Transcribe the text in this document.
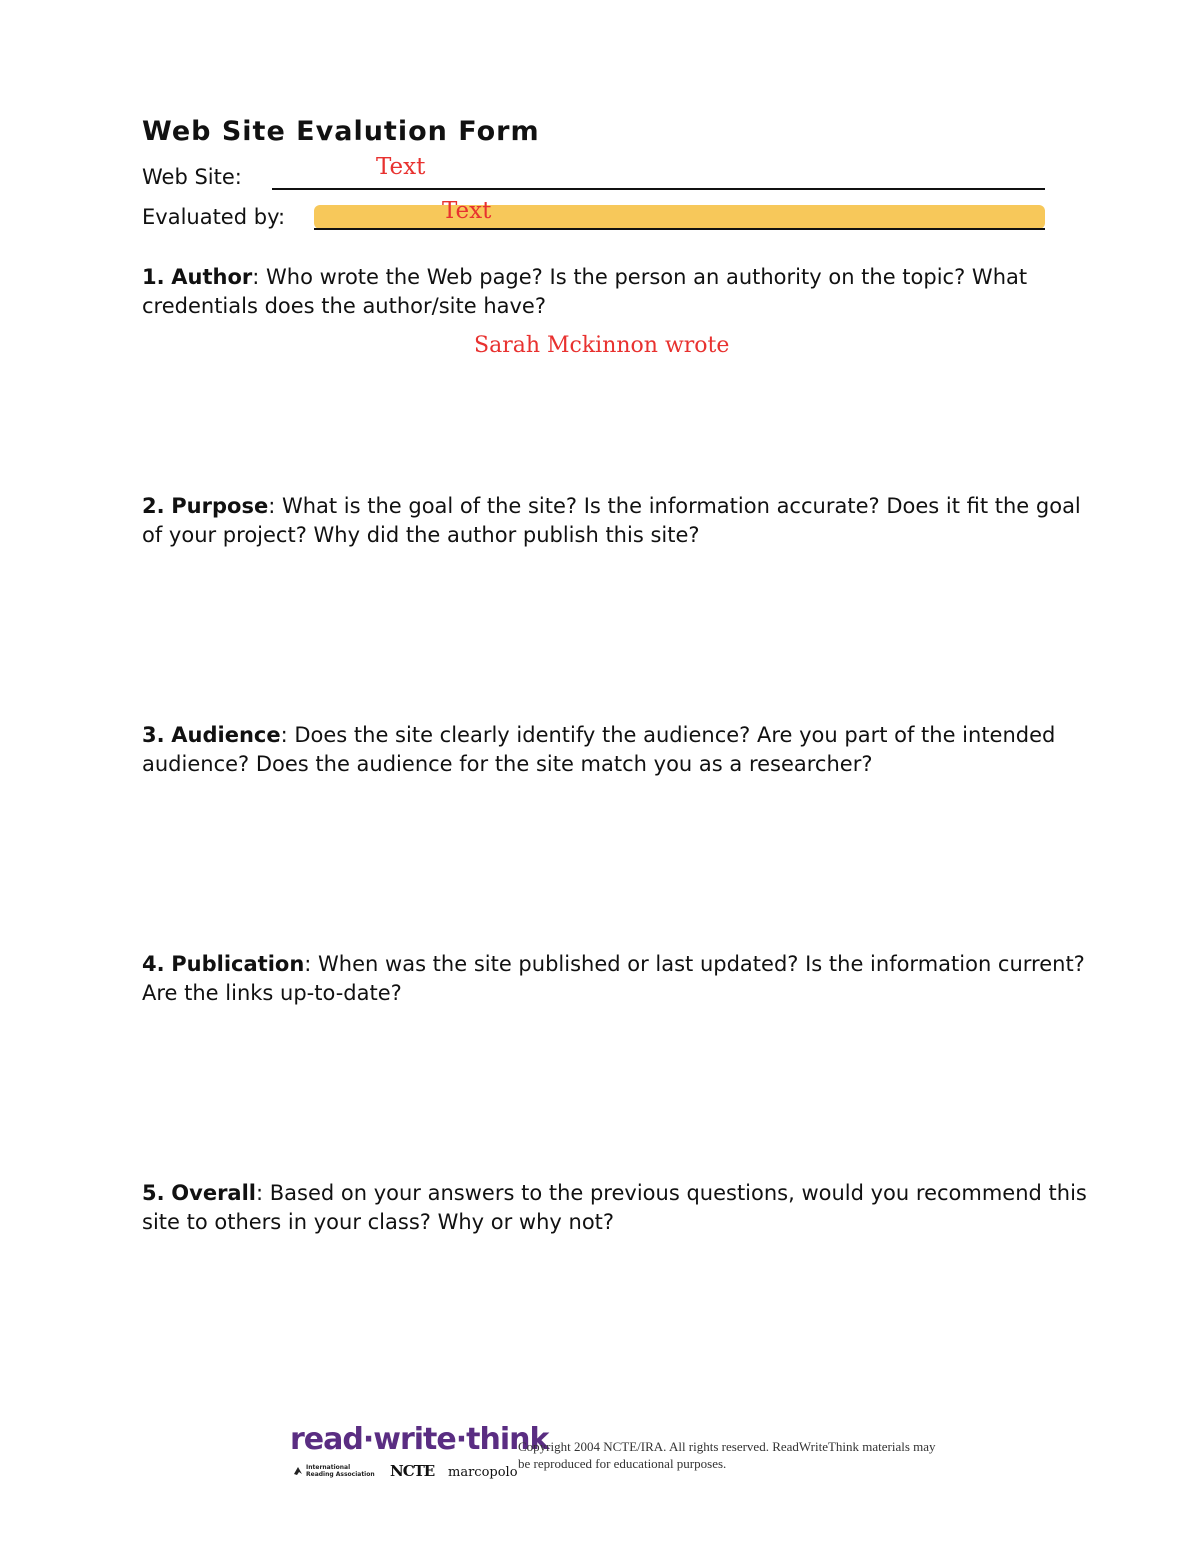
Web Site Evalution Form
Web Site:	Text
Evaluated by:	Text
1. Author: Who wrote the Web page? Is the person an authority on the topic? What credentials does the author/site have?
Sarah Mckinnon wrote
2. Purpose: What is the goal of the site? Is the information accurate? Does it fit the goal of your project? Why did the author publish this site?
3. Audience: Does the site clearly identify the audience? Are you part of the intended audience? Does the audience for the site match you as a researcher?
4. Publication: When was the site published or last updated? Is the information current? Are the links up-to-date?
5. Overall: Based on your answers to the previous questions, would you recommend this site to others in your class? Why or why not?
read·write·think
International Reading Association NCTE marcopolo
Copyright 2004 NCTE/IRA. All rights reserved. ReadWriteThink materials may be reproduced for educational purposes.
